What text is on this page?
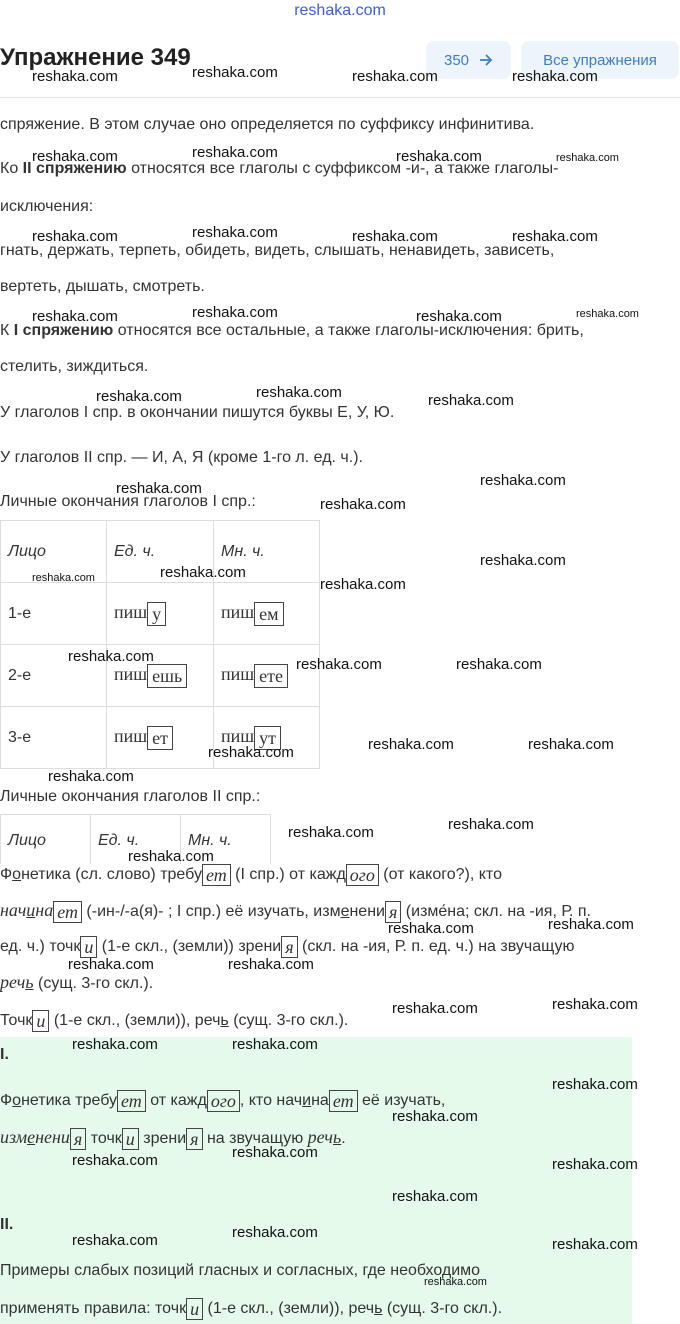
reshaka.com
Упражнение 349	350	Все упражнения
спряжение. В этом случае оно определяется по суффиксу инфинитива.
Ко II спряжению относятся все глаголы с суффиксом -и-, а также глаголы-
исключения:
гнать, держать, терпеть, обидеть, видеть, слышать, ненавидеть, зависеть,
вертеть, дышать, смотреть.
К I спряжению относятся все остальные, а также глаголы-исключения: брить,
стелить, зиждиться.
У глаголов I спр. в окончании пишутся буквы Е, У, Ю.
У глаголов II спр. — И, А, Я (кроме 1-го л. ед. ч.).
Личные окончания глаголов I спр.:
Лицо	Ед. ч.	Мн. ч.
1-е	пиш у	пиш ем
2-е	пиш ешь	пиш ете
3-е	пиш ет	пиш ут
Личные окончания глаголов II спр.:
Лицо	Ед. ч.	Мн. ч.
Фонетика (сл. слово) требу ет (I спр.) от кажд ого (от какого?), кто
начина ет (-ин-/-а(я)- ; I спр.) её изучать, изменени я (изме́на; скл. на -ия, Р. п.
ед. ч.) точк и (1-е скл., (земли)) зрени я (скл. на -ия, Р. п. ед. ч.) на звучащую
речь (сущ. 3-го скл.).
Точк и (1-е скл., (земли)), речь (сущ. 3-го скл.).
I.
Фонетика требу ет от кажд ого , кто начина ет её изучать,
изменени я точк и зрени я на звучащую речь.
II.
Примеры слабых позиций гласных и согласных, где необходимо
применять правила: точк и (1-е скл., (земли)), речь (сущ. 3-го скл.).
reshaka.com	reshaka.com	reshaka.com	reshaka.com
reshaka.com	reshaka.com	reshaka.com	reshaka.com
reshaka.com	reshaka.com	reshaka.com	reshaka.com
reshaka.com	reshaka.com	reshaka.com	reshaka.com
reshaka.com	reshaka.com	reshaka.com
reshaka.com
reshaka.com
reshaka.com
reshaka.com
reshaka.com	reshaka.com
reshaka.com
reshaka.com	reshaka.com	reshaka.com
reshaka.com	reshaka.com
reshaka.com
reshaka.com
reshaka.com	reshaka.com
reshaka.com
reshaka.com	reshaka.com
reshaka.com	reshaka.com
reshaka.com	reshaka.com
reshaka.com	reshaka.com
reshaka.com
reshaka.com
reshaka.com
reshaka.com	reshaka.com
reshaka.com
reshaka.com
reshaka.com	reshaka.com
reshaka.com
